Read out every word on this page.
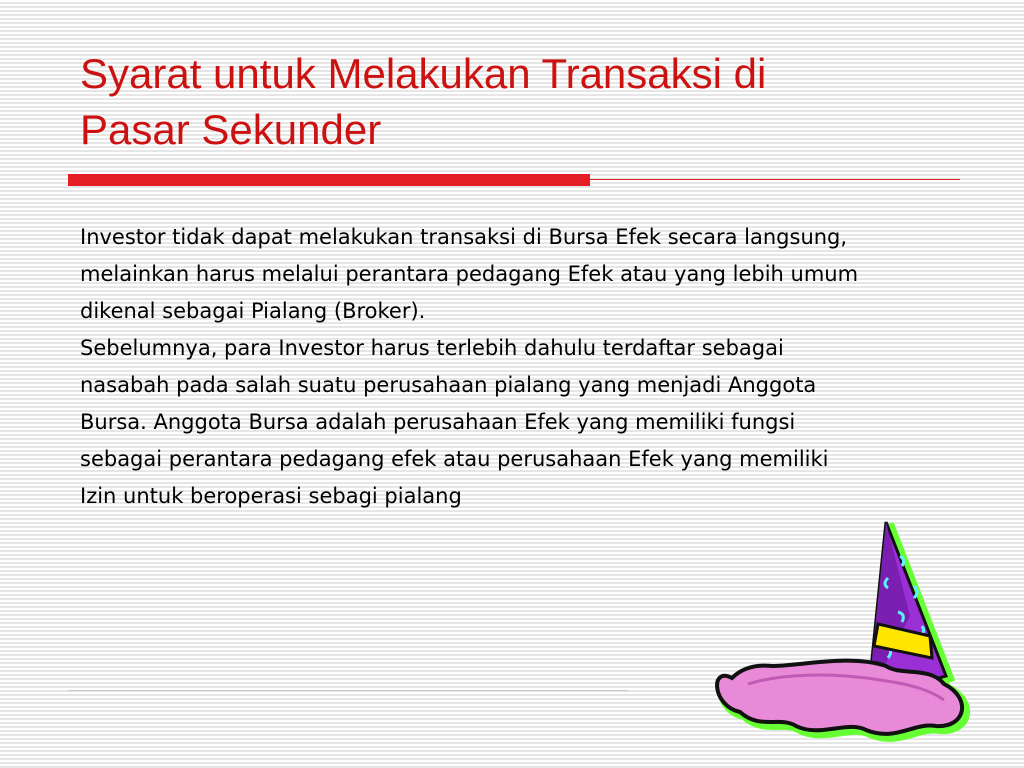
Syarat untuk Melakukan Transaksi di
Pasar Sekunder
Investor tidak dapat melakukan transaksi di Bursa Efek secara langsung,
melainkan harus melalui perantara pedagang Efek atau yang lebih umum
dikenal sebagai Pialang (Broker).
Sebelumnya, para Investor harus terlebih dahulu terdaftar sebagai
nasabah pada salah suatu perusahaan pialang yang menjadi Anggota
Bursa. Anggota Bursa adalah perusahaan Efek yang memiliki fungsi
sebagai perantara pedagang efek atau perusahaan Efek yang memiliki
Izin untuk beroperasi sebagi pialang
